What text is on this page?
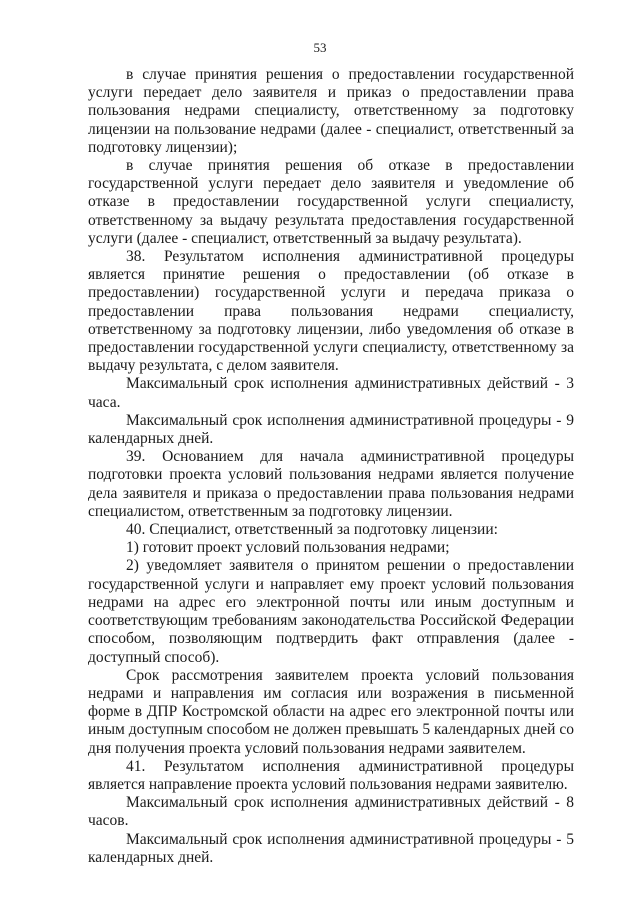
53

в случае принятия решения о предоставлении государственной услуги передает дело заявителя и приказ о предоставлении права пользования недрами специалисту, ответственному за подготовку лицензии на пользование недрами (далее - специалист, ответственный за подготовку лицензии);

в случае принятия решения об отказе в предоставлении государственной услуги передает дело заявителя и уведомление об отказе в предоставлении государственной услуги специалисту, ответственному за выдачу результата предоставления государственной услуги (далее - специалист, ответственный за выдачу результата).

38. Результатом исполнения административной процедуры является принятие решения о предоставлении (об отказе в предоставлении) государственной услуги и передача приказа о предоставлении права пользования недрами специалисту, ответственному за подготовку лицензии, либо уведомления об отказе в предоставлении государственной услуги специалисту, ответственному за выдачу результата, с делом заявителя.

Максимальный срок исполнения административных действий - 3 часа.

Максимальный срок исполнения административной процедуры - 9 календарных дней.

39. Основанием для начала административной процедуры подготовки проекта условий пользования недрами является получение дела заявителя и приказа о предоставлении права пользования недрами специалистом, ответственным за подготовку лицензии.

40. Специалист, ответственный за подготовку лицензии:

1) готовит проект условий пользования недрами;

2) уведомляет заявителя о принятом решении о предоставлении государственной услуги и направляет ему проект условий пользования недрами на адрес его электронной почты или иным доступным и соответствующим требованиям законодательства Российской Федерации способом, позволяющим подтвердить факт отправления (далее - доступный способ).

Срок рассмотрения заявителем проекта условий пользования недрами и направления им согласия или возражения в письменной форме в ДПР Костромской области на адрес его электронной почты или иным доступным способом не должен превышать 5 календарных дней со дня получения проекта условий пользования недрами заявителем.

41. Результатом исполнения административной процедуры является направление проекта условий пользования недрами заявителю.

Максимальный срок исполнения административных действий - 8 часов.

Максимальный срок исполнения административной процедуры - 5 календарных дней.
